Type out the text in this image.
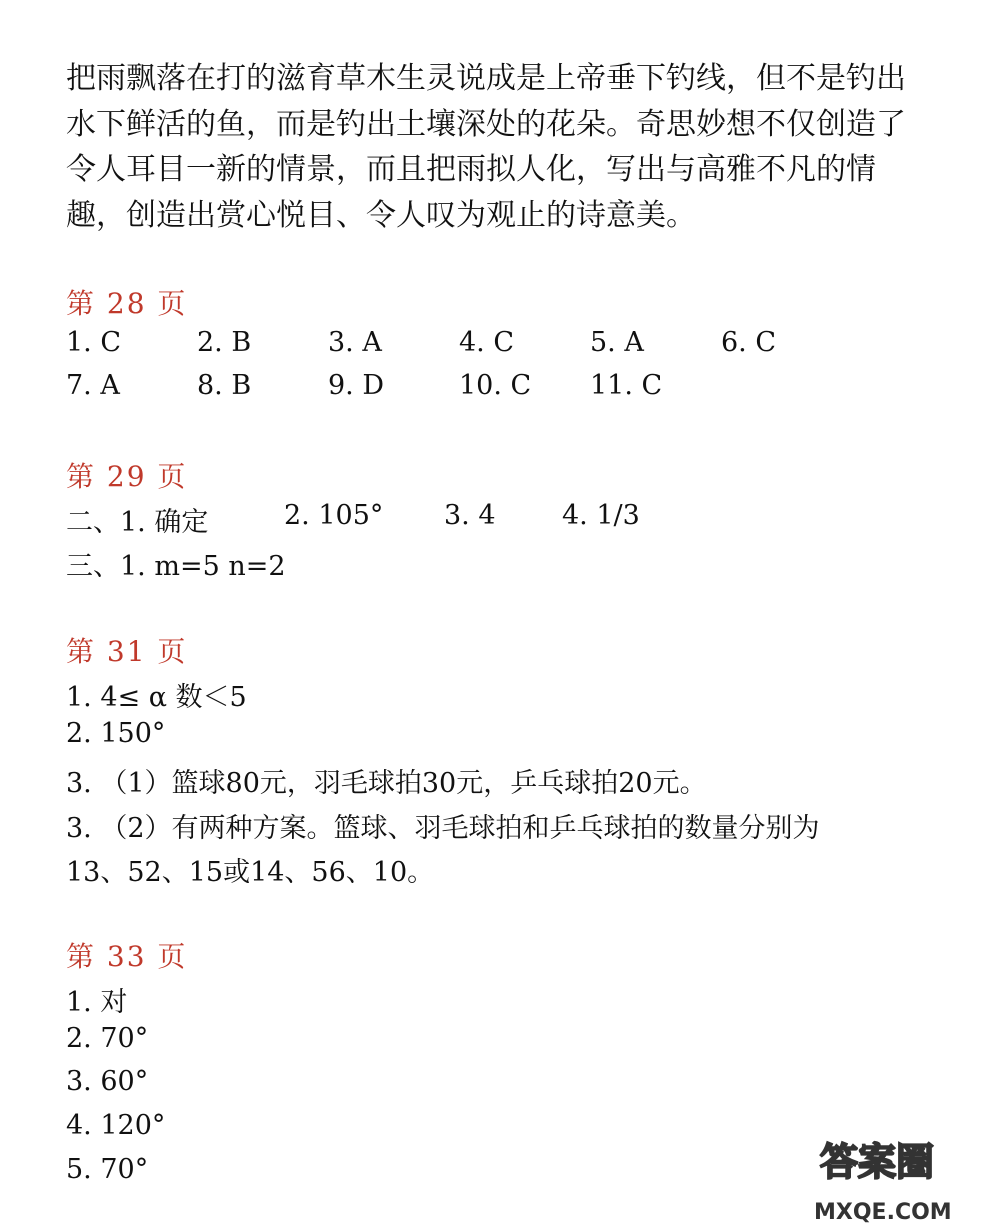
把雨飘落在打的滋育草木生灵说成是上帝垂下钓线，但不是钓出
水下鲜活的鱼，而是钓出土壤深处的花朵。奇思妙想不仅创造了
令人耳目一新的情景，而且把雨拟人化，写出与高雅不凡的情
趣，创造出赏心悦目、令人叹为观止的诗意美。
第 28 页
1. C	2. B	3. A	4. C	5. A	6. C
7. A	8. B	9. D	10. C 11. C
第 29 页
二、1. 确定	2. 105° 3. 4 4. 1/3
三、1. m=5 n=2
第 31 页
1. 4≤ α 数＜5
2. 150°
3. （1）篮球80元，羽毛球拍30元，乒乓球拍20元。
3. （2）有两种方案。篮球、羽毛球拍和乒乓球拍的数量分别为
13、52、15或14、56、10。
第 33 页
1. 对
2. 70°
3. 60°
4. 120°
5. 70°	答案圈
MXQE.COM
